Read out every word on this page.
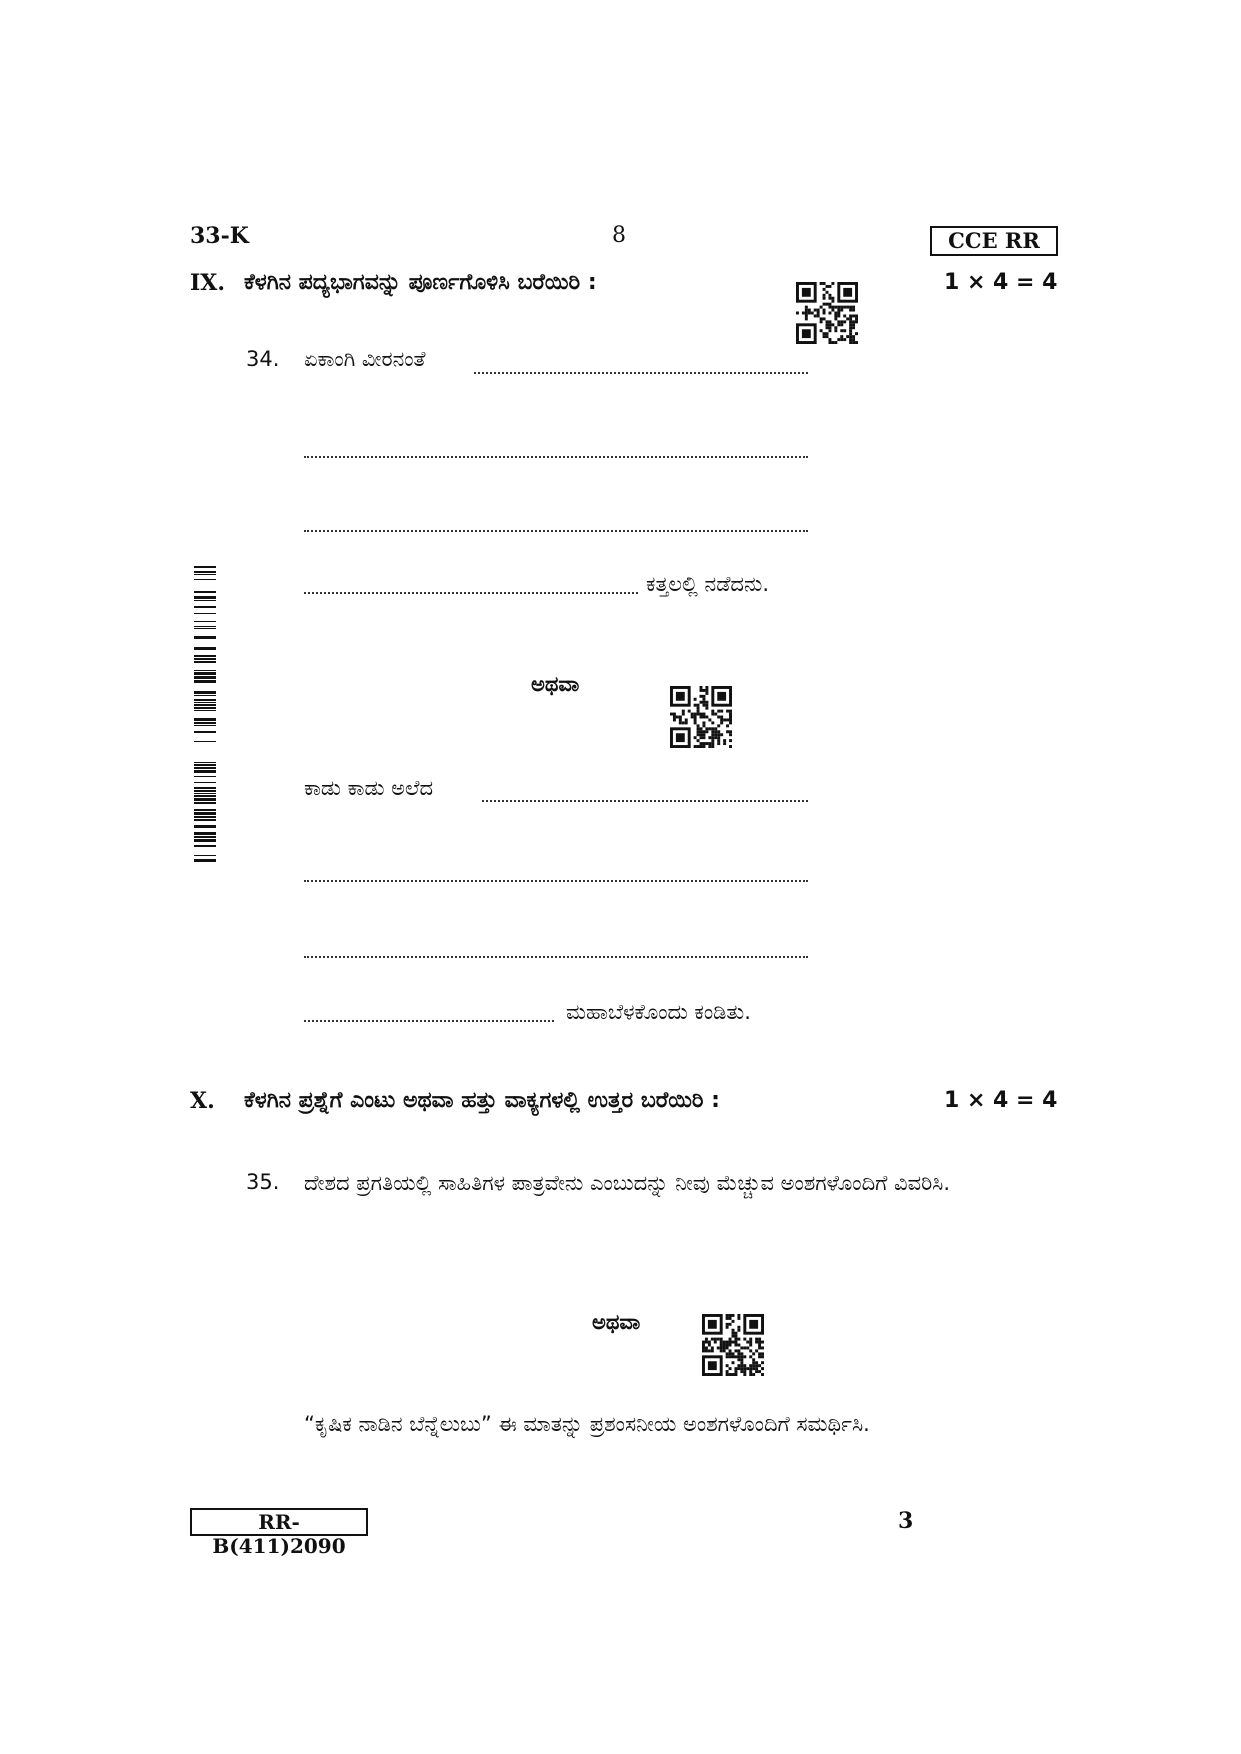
33-K	8	CCE RR
IX. ಕೆಳಗಿನ ಪದ್ಯಭಾಗವನ್ನು ಪೂರ್ಣಗೊಳಿಸಿ ಬರೆಯಿರಿ :	1 × 4 = 4
34. ಏಕಾಂಗಿ ವೀರನಂತೆ
ಕತ್ತಲಲ್ಲಿ ನಡೆದನು.
ಅಥವಾ
ಕಾಡು ಕಾಡು ಅಲೆದ
ಮಹಾಬೆಳಕೊಂದು ಕಂಡಿತು.
X. ಕೆಳಗಿನ ಪ್ರಶ್ನೆಗೆ ಎಂಟು ಅಥವಾ ಹತ್ತು ವಾಕ್ಯಗಳಲ್ಲಿ ಉತ್ತರ ಬರೆಯಿರಿ :	1 × 4 = 4
35. ದೇಶದ ಪ್ರಗತಿಯಲ್ಲಿ ಸಾಹಿತಿಗಳ ಪಾತ್ರವೇನು ಎಂಬುದನ್ನು ನೀವು ಮೆಚ್ಚುವ ಅಂಶಗಳೊಂದಿಗೆ ವಿವರಿಸಿ.
ಅಥವಾ
“ಕೃಷಿಕ ನಾಡಿನ ಬೆನ್ನೆಲುಬು” ಈ ಮಾತನ್ನು ಪ್ರಶಂಸನೀಯ ಅಂಶಗಳೊಂದಿಗೆ ಸಮರ್ಥಿಸಿ.
RR-B(411)2090
3
